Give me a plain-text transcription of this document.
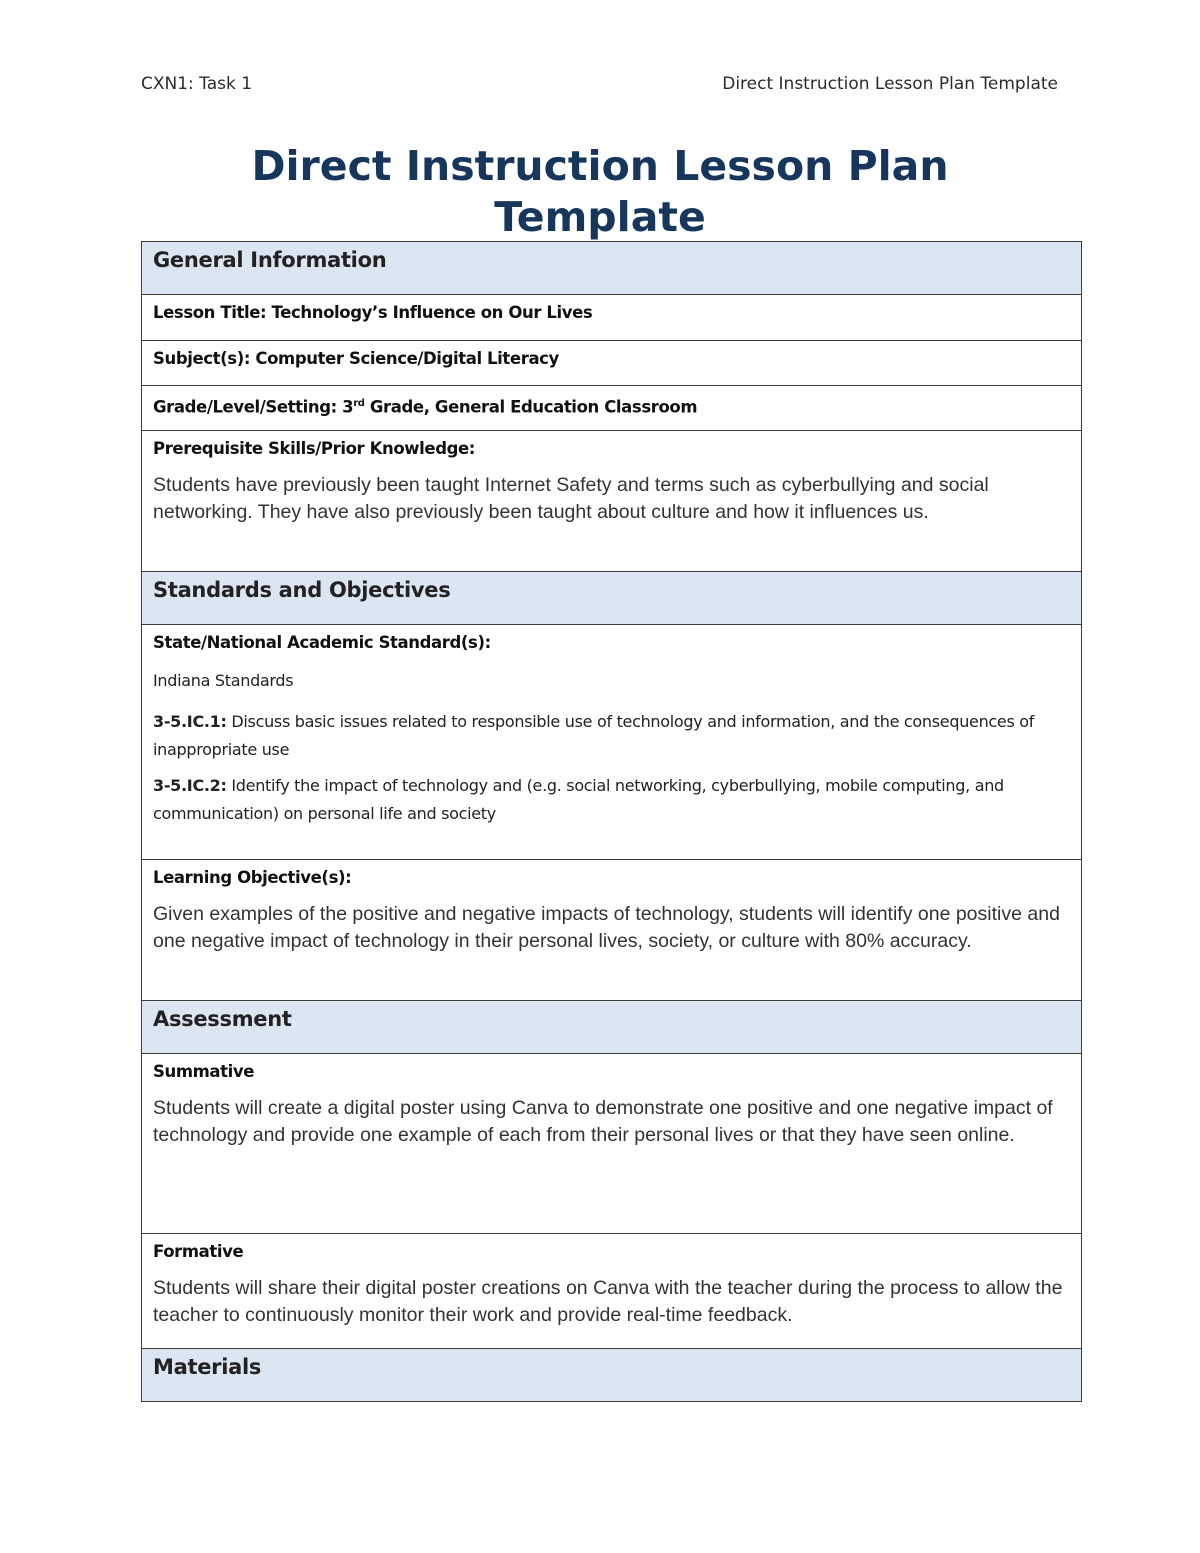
CXN1: Task 1	Direct Instruction Lesson Plan Template
Direct Instruction Lesson Plan Template
General Information
Lesson Title: Technology’s Influence on Our Lives
Subject(s): Computer Science/Digital Literacy
Grade/Level/Setting: 3rd Grade, General Education Classroom
Prerequisite Skills/Prior Knowledge:
Students have previously been taught Internet Safety and terms such as cyberbullying and social networking. They have also previously been taught about culture and how it influences us.
Standards and Objectives
State/National Academic Standard(s):
Indiana Standards
3-5.IC.1: Discuss basic issues related to responsible use of technology and information, and the consequences of inappropriate use
3-5.IC.2: Identify the impact of technology and (e.g. social networking, cyberbullying, mobile computing, and communication) on personal life and society
Learning Objective(s):
Given examples of the positive and negative impacts of technology, students will identify one positive and one negative impact of technology in their personal lives, society, or culture with 80% accuracy.
Assessment
Summative
Students will create a digital poster using Canva to demonstrate one positive and one negative impact of technology and provide one example of each from their personal lives or that they have seen online.
Formative
Students will share their digital poster creations on Canva with the teacher during the process to allow the teacher to continuously monitor their work and provide real-time feedback.
Materials
